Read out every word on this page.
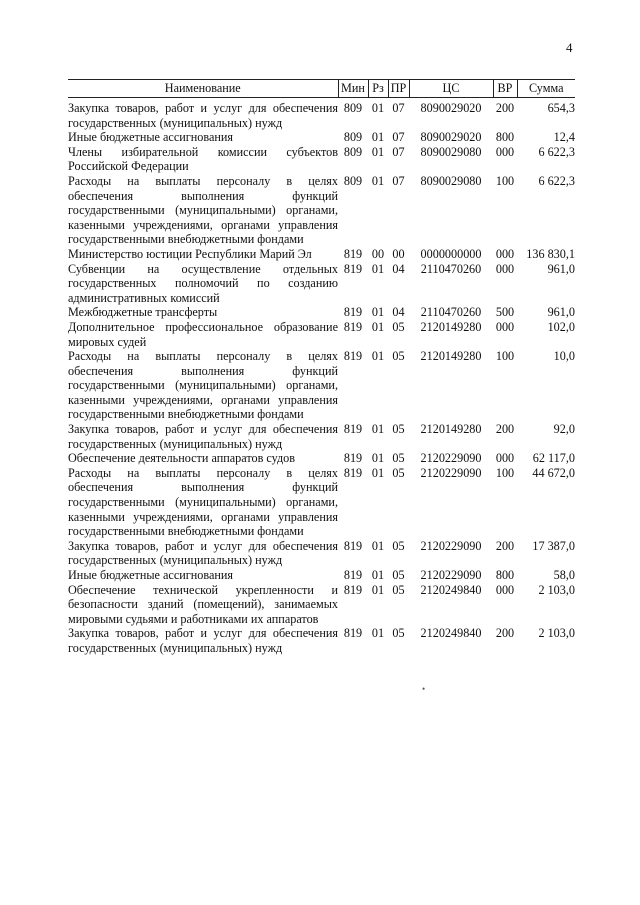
4
Наименование	Мин	Рз	ПР	ЦС	ВР	Сумма
Закупка товаров, работ и услуг для обеспечения государственных (муниципальных) нужд	809	01	07	8090029020	200	654,3
Иные бюджетные ассигнования	809	01	07	8090029020	800	12,4
Члены избирательной комиссии субъектов Российской Федерации	809	01	07	8090029080	000	6 622,3
Расходы на выплаты персоналу в целях обеспечения выполнения функций государственными (муниципальными) органами, казенными учреждениями, органами управления государственными внебюджетными фондами	809	01	07	8090029080	100	6 622,3
Министерство юстиции Республики Марий Эл	819	00	00	0000000000	000	136 830,1
Субвенции на осуществление отдельных государственных полномочий по созданию административных комиссий	819	01	04	2110470260	000	961,0
Межбюджетные трансферты	819	01	04	2110470260	500	961,0
Дополнительное профессиональное образование мировых судей	819	01	05	2120149280	000	102,0
Расходы на выплаты персоналу в целях обеспечения выполнения функций государственными (муниципальными) органами, казенными учреждениями, органами управления государственными внебюджетными фондами	819	01	05	2120149280	100	10,0
Закупка товаров, работ и услуг для обеспечения государственных (муниципальных) нужд	819	01	05	2120149280	200	92,0
Обеспечение деятельности аппаратов судов	819	01	05	2120229090	000	62 117,0
Расходы на выплаты персоналу в целях обеспечения выполнения функций государственными (муниципальными) органами, казенными учреждениями, органами управления государственными внебюджетными фондами	819	01	05	2120229090	100	44 672,0
Закупка товаров, работ и услуг для обеспечения государственных (муниципальных) нужд	819	01	05	2120229090	200	17 387,0
Иные бюджетные ассигнования	819	01	05	2120229090	800	58,0
Обеспечение технической укрепленности и безопасности зданий (помещений), занимаемых мировыми судьями и работниками их аппаратов	819	01	05	2120249840	000	2 103,0
Закупка товаров, работ и услуг для обеспечения государственных (муниципальных) нужд	819	01	05	2120249840	200	2 103,0
•
